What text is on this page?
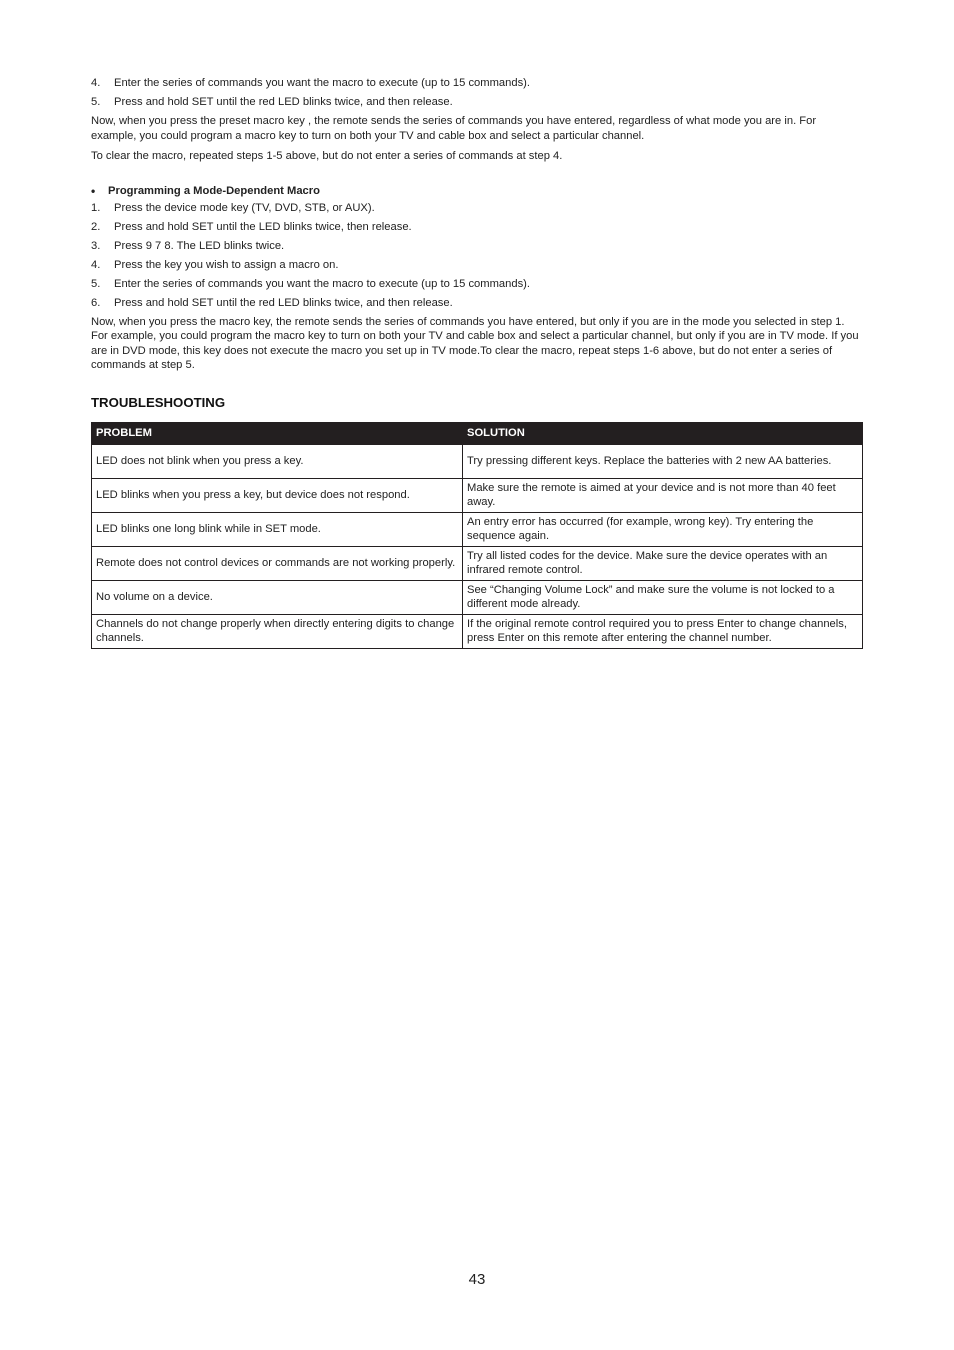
4.	Enter the series of commands you want the macro to execute (up to 15 commands).
5.	Press and hold SET until the red LED blinks twice, and then release.

Now, when you press the preset macro key , the remote sends the series of commands you have entered, regardless of what mode you are in. For example, you could program a macro key to turn on both your TV and cable box and select a particular channel.

To clear the macro, repeated steps 1-5 above, but do not enter a series of commands at step 4.

•	Programming a Mode-Dependent Macro
1.	Press the device mode key (TV, DVD, STB, or AUX).
2.	Press and hold SET until the LED blinks twice, then release.
3.	Press 9 7 8. The LED blinks twice.
4.	Press the key you wish to assign a macro on.
5.	Enter the series of commands you want the macro to execute (up to 15 commands).
6.	Press and hold SET until the red LED blinks twice, and then release.

Now, when you press the macro key, the remote sends the series of commands you have entered, but only if you are in the mode you selected in step 1. For example, you could program the macro key to turn on both your TV and cable box and select a particular channel, but only if you are in TV mode. If you are in DVD mode, this key does not execute the macro you set up in TV mode.To clear the macro, repeat steps 1-6 above, but do not enter a series of commands at step 5.

TROUBLESHOOTING
PROBLEM	SOLUTION
LED does not blink when you press a key.	Try pressing different keys. Replace the batteries with 2 new AA batteries.
LED blinks when you press a key, but device does not respond.	Make sure the remote is aimed at your device and is not more than 40 feet away.
LED blinks one long blink while in SET mode.	An entry error has occurred (for example, wrong key). Try entering the sequence again.
Remote does not control devices or commands are not working properly.	Try all listed codes for the device. Make sure the device operates with an infrared remote control.
No volume on a device.	See “Changing Volume Lock” and make sure the volume is not locked to a different mode already.
Channels do not change properly when directly entering digits to change channels.	If the original remote control required you to press Enter to change channels, press Enter on this remote after entering the channel number.
43
